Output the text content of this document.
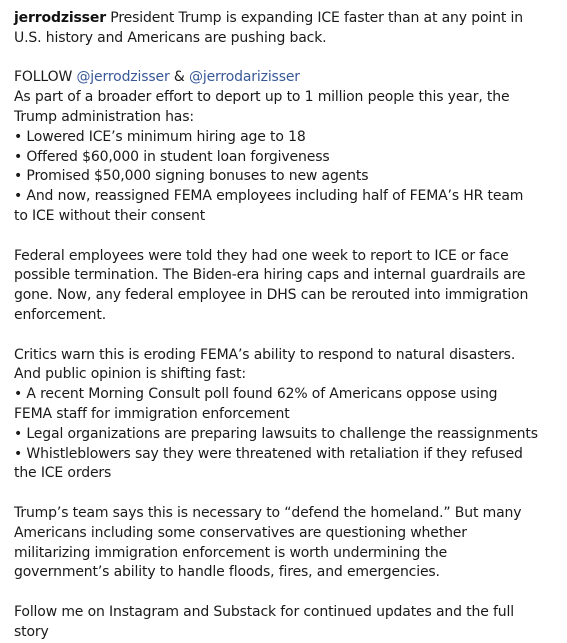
jerrodzisser President Trump is expanding ICE faster than at any point in
U.S. history and Americans are pushing back.
FOLLOW @jerrodzisser & @jerrodarizisser
As part of a broader effort to deport up to 1 million people this year, the
Trump administration has:
• Lowered ICE’s minimum hiring age to 18
• Offered $60,000 in student loan forgiveness
• Promised $50,000 signing bonuses to new agents
• And now, reassigned FEMA employees including half of FEMA’s HR team
to ICE without their consent
Federal employees were told they had one week to report to ICE or face
possible termination. The Biden-era hiring caps and internal guardrails are
gone. Now, any federal employee in DHS can be rerouted into immigration
enforcement.
Critics warn this is eroding FEMA’s ability to respond to natural disasters.
And public opinion is shifting fast:
• A recent Morning Consult poll found 62% of Americans oppose using
FEMA staff for immigration enforcement
• Legal organizations are preparing lawsuits to challenge the reassignments
• Whistleblowers say they were threatened with retaliation if they refused
the ICE orders
Trump’s team says this is necessary to “defend the homeland.” But many
Americans including some conservatives are questioning whether
militarizing immigration enforcement is worth undermining the
government’s ability to handle floods, fires, and emergencies.
Follow me on Instagram and Substack for continued updates and the full
story
